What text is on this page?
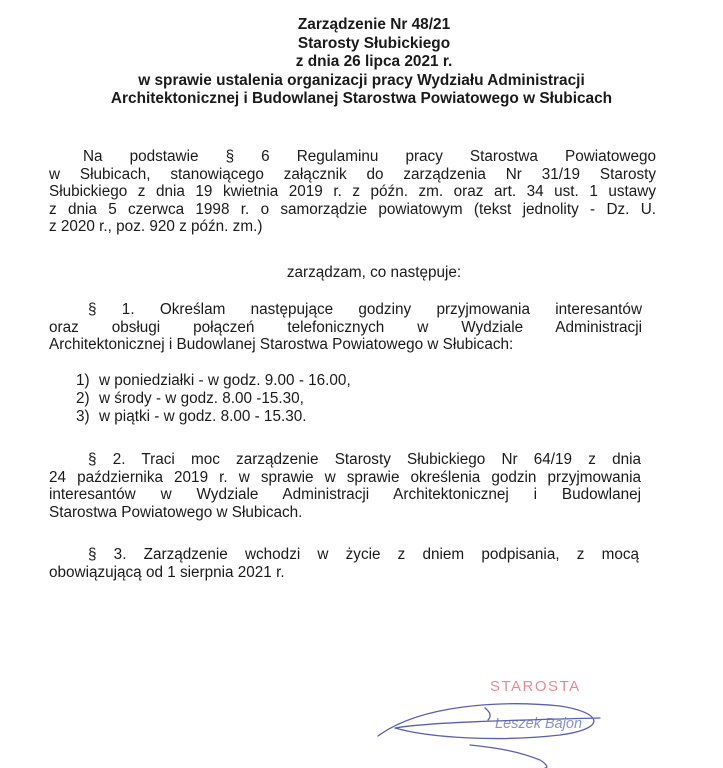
Zarządzenie Nr 48/21
Starosty Słubickiego
z dnia 26 lipca 2021 r.
w sprawie ustalenia organizacji pracy Wydziału Administracji
Architektonicznej i Budowlanej Starostwa Powiatowego w Słubicach
Na podstawie § 6 Regulaminu pracy Starostwa Powiatowego
w Słubicach, stanowiącego załącznik do zarządzenia Nr 31/19 Starosty
Słubickiego z dnia 19 kwietnia 2019 r. z późn. zm. oraz art. 34 ust. 1 ustawy
z dnia 5 czerwca 1998 r. o samorządzie powiatowym (tekst jednolity - Dz. U.
z 2020 r., poz. 920 z późn. zm.)
zarządzam, co następuje:
§ 1. Określam następujące godziny przyjmowania interesantów
oraz obsługi połączeń telefonicznych w Wydziale Administracji
Architektonicznej i Budowlanej Starostwa Powiatowego w Słubicach:
1) w poniedziałki - w godz. 9.00 - 16.00,
2) w środy - w godz. 8.00 -15.30,
3) w piątki - w godz. 8.00 - 15.30.
§ 2. Traci moc zarządzenie Starosty Słubickiego Nr 64/19 z dnia
24 października 2019 r. w sprawie w sprawie określenia godzin przyjmowania
interesantów w Wydziale Administracji Architektonicznej i Budowlanej
Starostwa Powiatowego w Słubicach.
§ 3. Zarządzenie wchodzi w życie z dniem podpisania, z mocą
obowiązującą od 1 sierpnia 2021 r.
STAROSTA
Leszek Bajon
